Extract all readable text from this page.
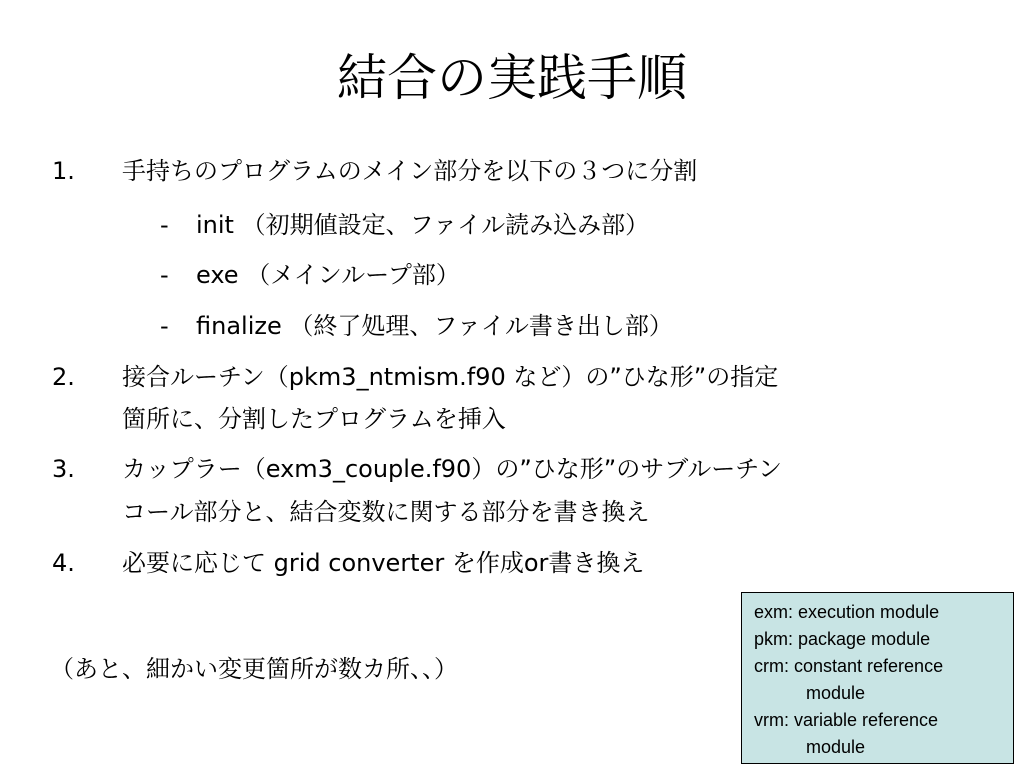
結合の実践手順
1. 手持ちのプログラムのメイン部分を以下の３つに分割
- init （初期値設定、ファイル読み込み部）
- exe （メインループ部）
- finalize （終了処理、ファイル書き出し部）
2. 接合ルーチン（pkm3_ntmism.f90 など）の”ひな形”の指定
箇所に、分割したプログラムを挿入
3. カップラー（exm3_couple.f90）の”ひな形”のサブルーチン
コール部分と、結合変数に関する部分を書き換え
4. 必要に応じて grid converter を作成or書き換え
（あと、細かい変更箇所が数カ所、、）
exm: execution module
pkm: package module
crm: constant reference
module
vrm: variable reference
module
